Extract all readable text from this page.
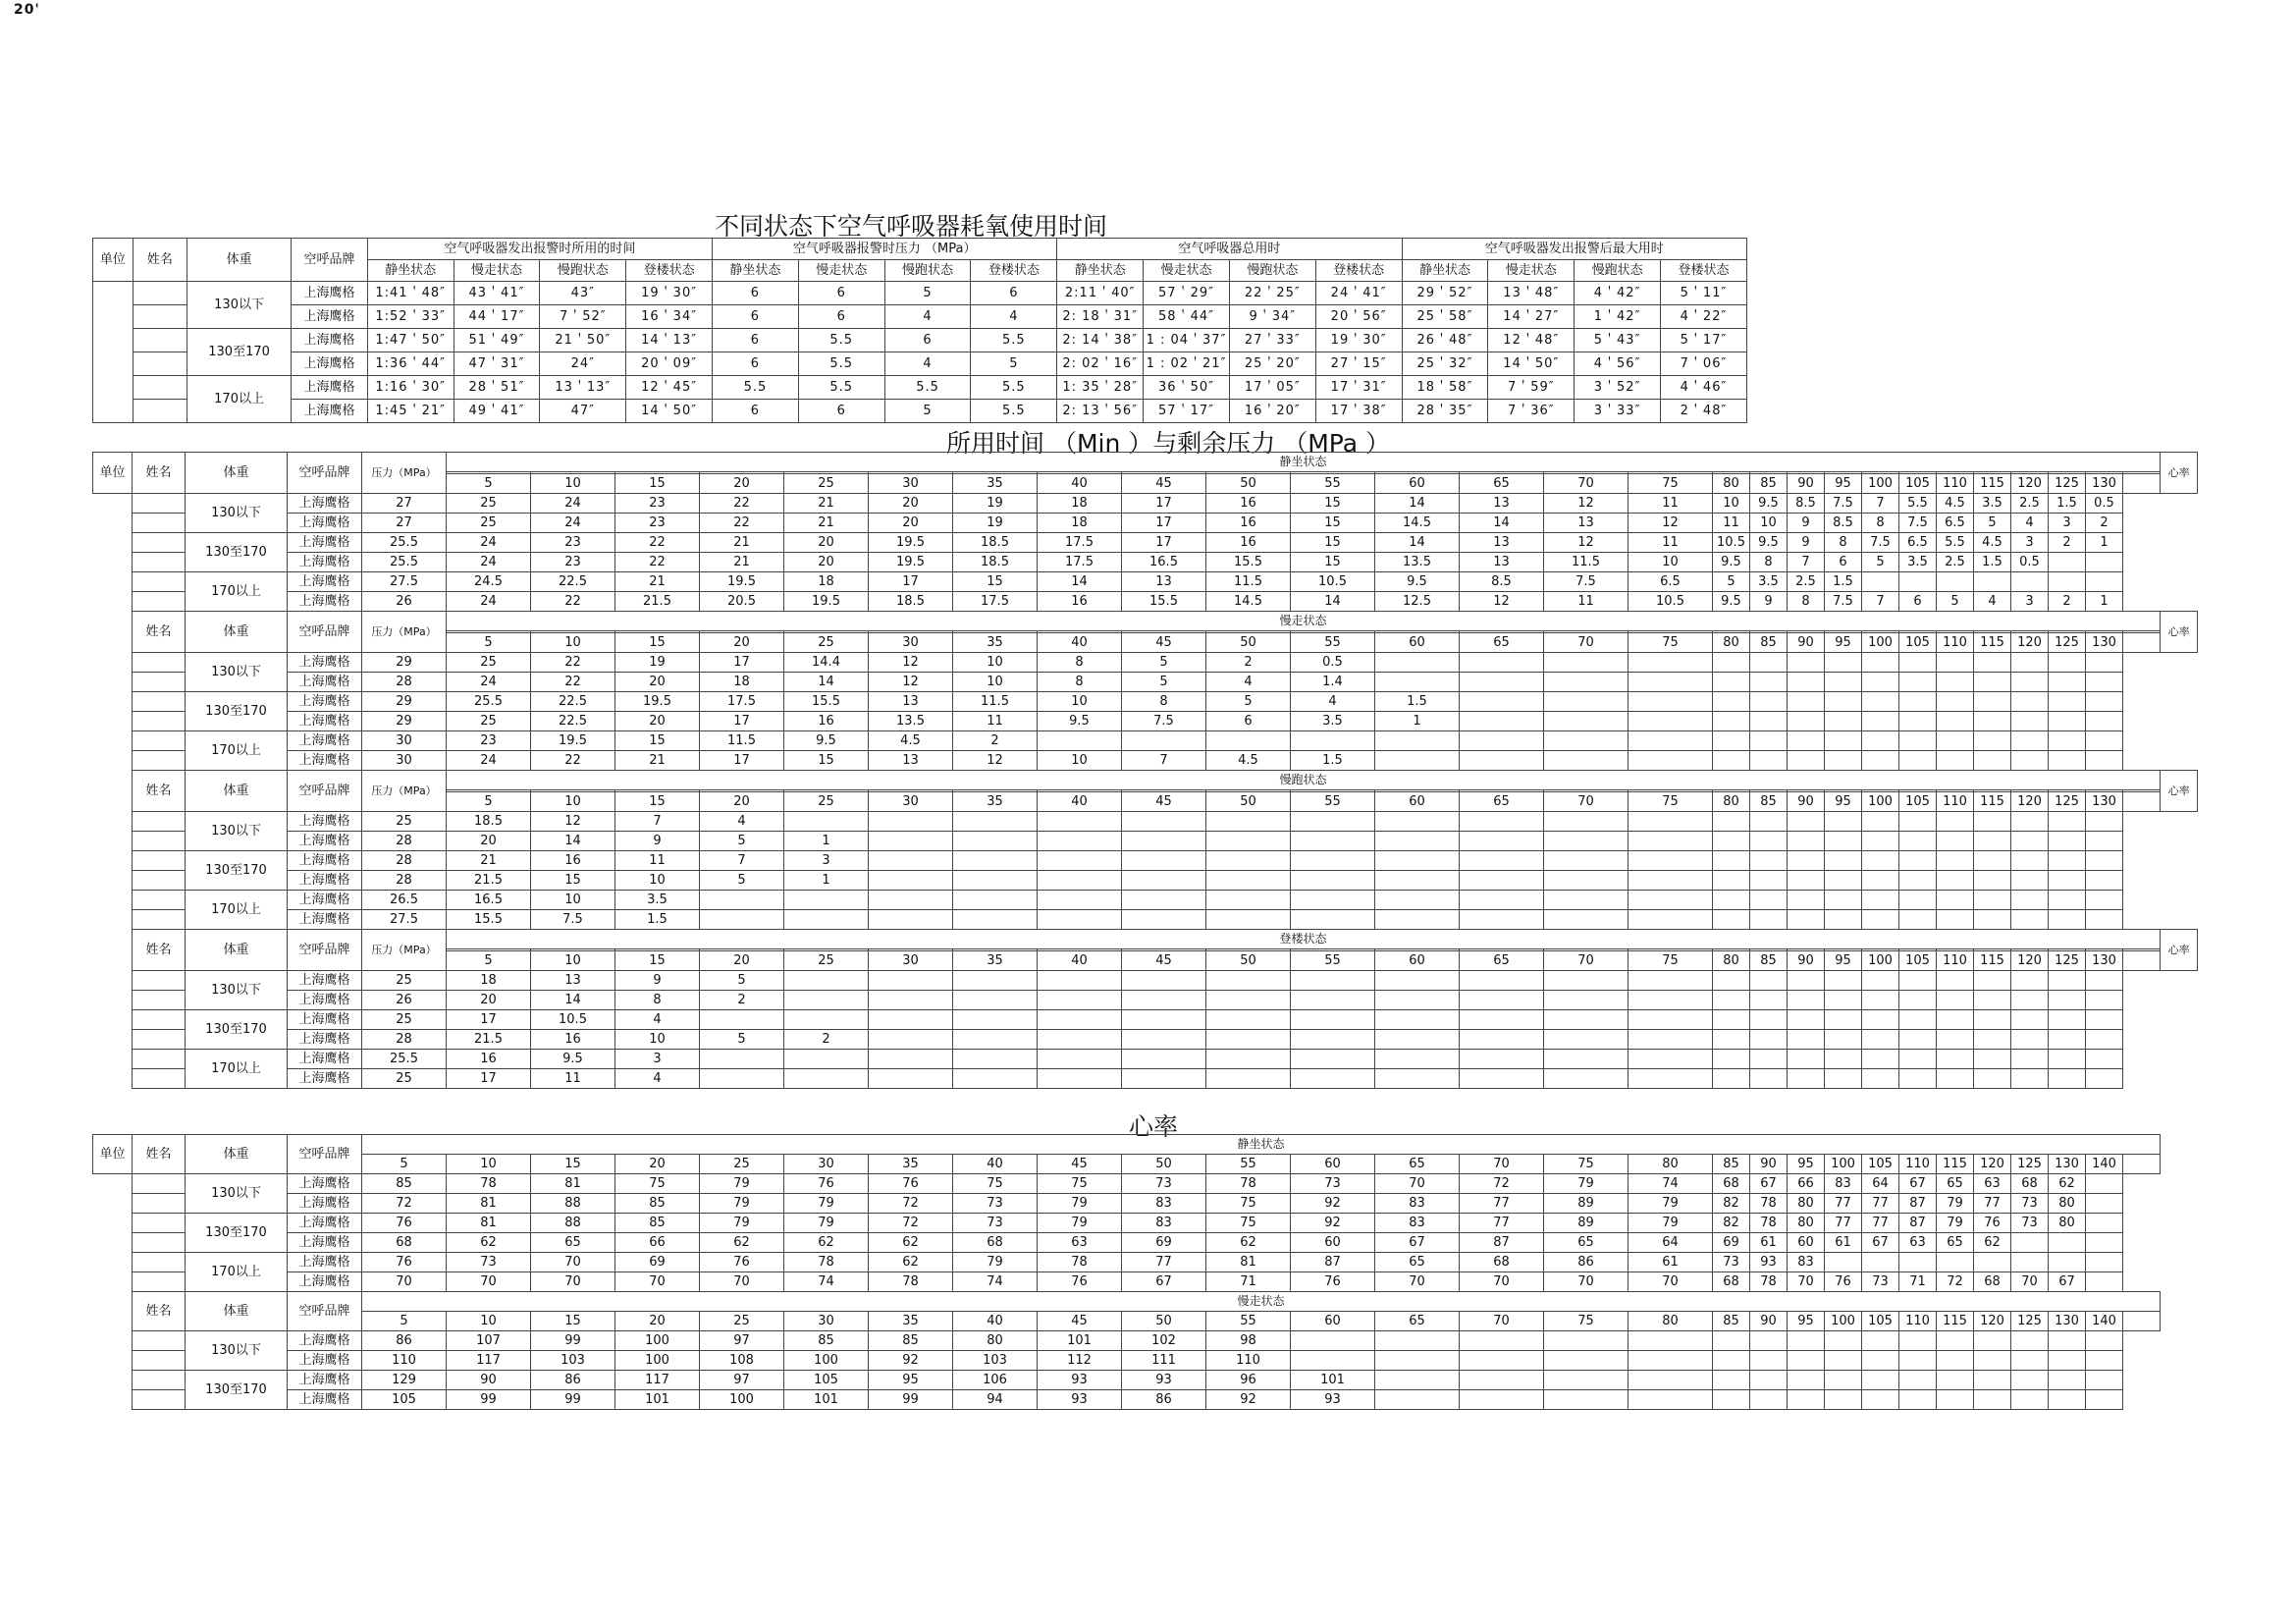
20'
不同状态下空气呼吸器耗氧使用时间
单位	姓名	体重	空呼品牌	空气呼吸器发出报警时所用的时间				空气呼吸器报警时压力 （MPa）				空气呼吸器总用时				空气呼吸器发出报警后最大用时			
				静坐状态	慢走状态	慢跑状态	登楼状态	静坐状态	慢走状态	慢跑状态	登楼状态	静坐状态	慢走状态	慢跑状态	登楼状态	静坐状态	慢走状态	慢跑状态	登楼状态
		130以下	上海鹰格	1:41＇48″	43＇41″	43″	19＇30″	6	6	5	6	2:11＇40″	57＇29″	22＇25″	24＇41″	29＇52″	13＇48″	4＇42″	5＇11″
			上海鹰格	1:52＇33″	44＇17″	7＇52″	16＇34″	6	6	4	4	2: 18＇31″	58＇44″	9＇34″	20＇56″	25＇58″	14＇27″	1＇42″	4＇22″
		130至170	上海鹰格	1:47＇50″	51＇49″	21＇50″	14＇13″	6	5.5	6	5.5	2: 14＇38″	1 : 04＇37″	27＇33″	19＇30″	26＇48″	12＇48″	5＇43″	5＇17″
			上海鹰格	1:36＇44″	47＇31″	24″	20＇09″	6	5.5	4	5	2: 02＇16″	1 : 02＇21″	25＇20″	27＇15″	25＇32″	14＇50″	4＇56″	7＇06″
		170以上	上海鹰格	1:16＇30″	28＇51″	13＇13″	12＇45″	5.5	5.5	5.5	5.5	1: 35＇28″	36＇50″	17＇05″	17＇31″	18＇58″	7＇59″	3＇52″	4＇46″
			上海鹰格	1:45＇21″	49＇41″	47″	14＇50″	6	6	5	5.5	2: 13＇56″	57＇17″	16＇20″	17＇38″	28＇35″	7＇36″	3＇33″	2＇48″
所用时间 （Min ）与剩余压力 （MPa ）
单位	姓名	体重	空呼品牌	压力（MPa）	静坐状态																											心率

					5	10	15	20	25	30	35	40	45	50	55	60	65	70	75	80	85	90	95	100	105	110	115	120	125	130		
		130以下	上海鹰格	27	25	24	23	22	21	20	19	18	17	16	15	14	13	12	11	10	9.5	8.5	7.5	7	5.5	4.5	3.5	2.5	1.5	0.5		
			上海鹰格	27	25	24	23	22	21	20	19	18	17	16	15	14.5	14	13	12	11	10	9	8.5	8	7.5	6.5	5	4	3	2		
		130至170	上海鹰格	25.5	24	23	22	21	20	19.5	18.5	17.5	17	16	15	14	13	12	11	10.5	9.5	9	8	7.5	6.5	5.5	4.5	3	2	1		
			上海鹰格	25.5	24	23	22	21	20	19.5	18.5	17.5	16.5	15.5	15	13.5	13	11.5	10	9.5	8	7	6	5	3.5	2.5	1.5	0.5				
		170以上	上海鹰格	27.5	24.5	22.5	21	19.5	18	17	15	14	13	11.5	10.5	9.5	8.5	7.5	6.5	5	3.5	2.5	1.5									
			上海鹰格	26	24	22	21.5	20.5	19.5	18.5	17.5	16	15.5	14.5	14	12.5	12	11	10.5	9.5	9	8	7.5	7	6	5	4	3	2	1		
	姓名	体重	空呼品牌	压力（MPa）	慢走状态																											心率

					5	10	15	20	25	30	35	40	45	50	55	60	65	70	75	80	85	90	95	100	105	110	115	120	125	130		
		130以下	上海鹰格	29	25	22	19	17	14.4	12	10	8	5	2	0.5																	
			上海鹰格	28	24	22	20	18	14	12	10	8	5	4	1.4																	
		130至170	上海鹰格	29	25.5	22.5	19.5	17.5	15.5	13	11.5	10	8	5	4	1.5																
			上海鹰格	29	25	22.5	20	17	16	13.5	11	9.5	7.5	6	3.5	1																
		170以上	上海鹰格	30	23	19.5	15	11.5	9.5	4.5	2																					
			上海鹰格	30	24	22	21	17	15	13	12	10	7	4.5	1.5																	
	姓名	体重	空呼品牌	压力（MPa）	慢跑状态																											心率

					5	10	15	20	25	30	35	40	45	50	55	60	65	70	75	80	85	90	95	100	105	110	115	120	125	130		
		130以下	上海鹰格	25	18.5	12	7	4																								
			上海鹰格	28	20	14	9	5	1																							
		130至170	上海鹰格	28	21	16	11	7	3																							
			上海鹰格	28	21.5	15	10	5	1																							
		170以上	上海鹰格	26.5	16.5	10	3.5																									
			上海鹰格	27.5	15.5	7.5	1.5																									
	姓名	体重	空呼品牌	压力（MPa）	登楼状态																											心率

					5	10	15	20	25	30	35	40	45	50	55	60	65	70	75	80	85	90	95	100	105	110	115	120	125	130		
		130以下	上海鹰格	25	18	13	9	5																								
			上海鹰格	26	20	14	8	2																								
		130至170	上海鹰格	25	17	10.5	4																									
			上海鹰格	28	21.5	16	10	5	2																							
		170以上	上海鹰格	25.5	16	9.5	3																									
			上海鹰格	25	17	11	4																									
心率
单位	姓名	体重	空呼品牌	静坐状态																											
				5	10	15	20	25	30	35	40	45	50	55	60	65	70	75	80	85	90	95	100	105	110	115	120	125	130	140	
		130以下	上海鹰格	85	78	81	75	79	76	76	75	75	73	78	73	70	72	79	74	68	67	66	83	64	67	65	63	68	62		
			上海鹰格	72	81	88	85	79	79	72	73	79	83	75	92	83	77	89	79	82	78	80	77	77	87	79	77	73	80		
		130至170	上海鹰格	76	81	88	85	79	79	72	73	79	83	75	92	83	77	89	79	82	78	80	77	77	87	79	76	73	80		
			上海鹰格	68	62	65	66	62	62	62	68	63	69	62	60	67	87	65	64	69	61	60	61	67	63	65	62				
		170以上	上海鹰格	76	73	70	69	76	78	62	79	78	77	81	87	65	68	86	61	73	93	83									
			上海鹰格	70	70	70	70	70	74	78	74	76	67	71	76	70	70	70	70	68	78	70	76	73	71	72	68	70	67		
	姓名	体重	空呼品牌	慢走状态																											
				5	10	15	20	25	30	35	40	45	50	55	60	65	70	75	80	85	90	95	100	105	110	115	120	125	130	140	
		130以下	上海鹰格	86	107	99	100	97	85	85	80	101	102	98																	
			上海鹰格	110	117	103	100	108	100	92	103	112	111	110																	
		130至170	上海鹰格	129	90	86	117	97	105	95	106	93	93	96	101																
			上海鹰格	105	99	99	101	100	101	99	94	93	86	92	93																
